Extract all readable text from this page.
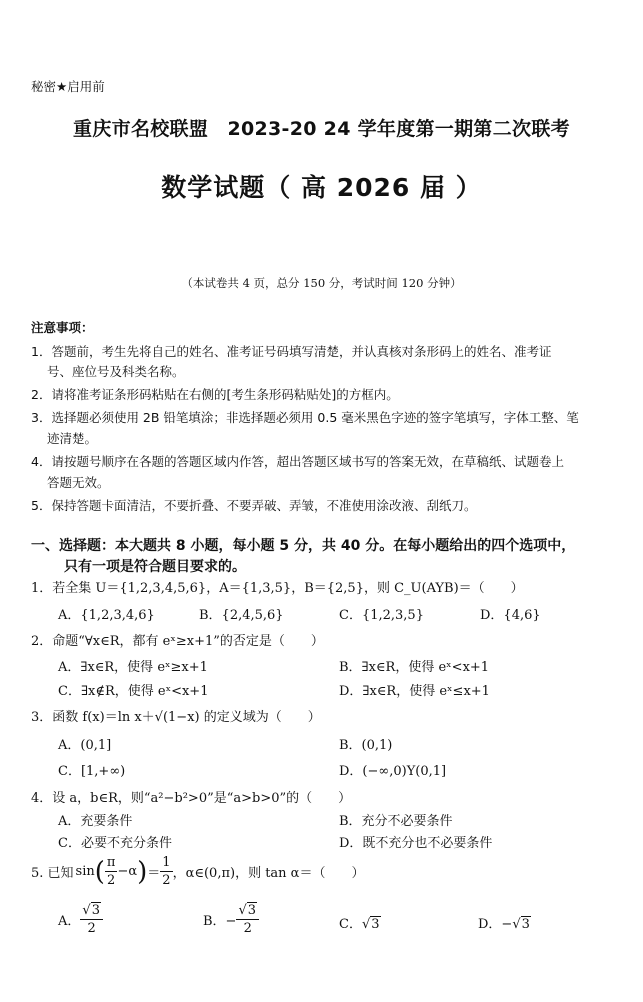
秘密★启用前
重庆市名校联盟　2023-20 24 学年度第一期第二次联考
数学试题（ 高 2026 届 ）
（本试卷共 4 页，总分 150 分，考试时间 120 分钟）
注意事项：
1．答题前，考生先将自己的姓名、准考证号码填写清楚，并认真核对条形码上的姓名、准考证
号、座位号及科类名称。
2．请将准考证条形码粘贴在右侧的[考生条形码粘贴处]的方框内。
3．选择题必须使用 2B 铅笔填涂；非选择题必须用 0.5 毫米黑色字迹的签字笔填写，字体工整、笔
迹清楚。
4．请按题号顺序在各题的答题区域内作答，超出答题区域书写的答案无效，在草稿纸、试题卷上
答题无效。
5．保持答题卡面清洁，不要折叠、不要弄破、弄皱，不准使用涂改液、刮纸刀。
一、选择题：本大题共 8 小题，每小题 5 分，共 40 分。在每小题给出的四个选项中，
只有一项是符合题目要求的。
1．若全集 U＝{1,2,3,4,5,6}，A＝{1,3,5}，B＝{2,5}，则 C_U(AYB)＝（　　）
A．{1,2,3,4,6}	B．{2,4,5,6}	C．{1,2,3,5}	D．{4,6}
2．命题“∀x∈R，都有 eˣ≥x+1”的否定是（　　）
A．∃x∈R，使得 eˣ≥x+1	B．∃x∈R，使得 eˣ<x+1
C．∃x∉R，使得 eˣ<x+1	D．∃x∈R，使得 eˣ≤x+1
3．函数 f(x)＝ln x＋√(1−x) 的定义域为（　　）
A．(0,1]	B．(0,1)
C．[1,+∞)	D．(−∞,0)Y(0,1]
4．设 a，b∈R，则“a²−b²>0”是“a>b>0”的（　　）
A．充要条件	B．充分不必要条件
C．必要不充分条件	D．既不充分也不必要条件
5. 已知 sin ( $\frac{\pi}{2} -\alpha$ ) ＝ $\frac{1}{2}$ ，α∈(0,π)，则 tan α＝（　　）
A． $\frac{√3}{2}$	B．− $\frac{√3}{2}$	C．√3	D．−√3
